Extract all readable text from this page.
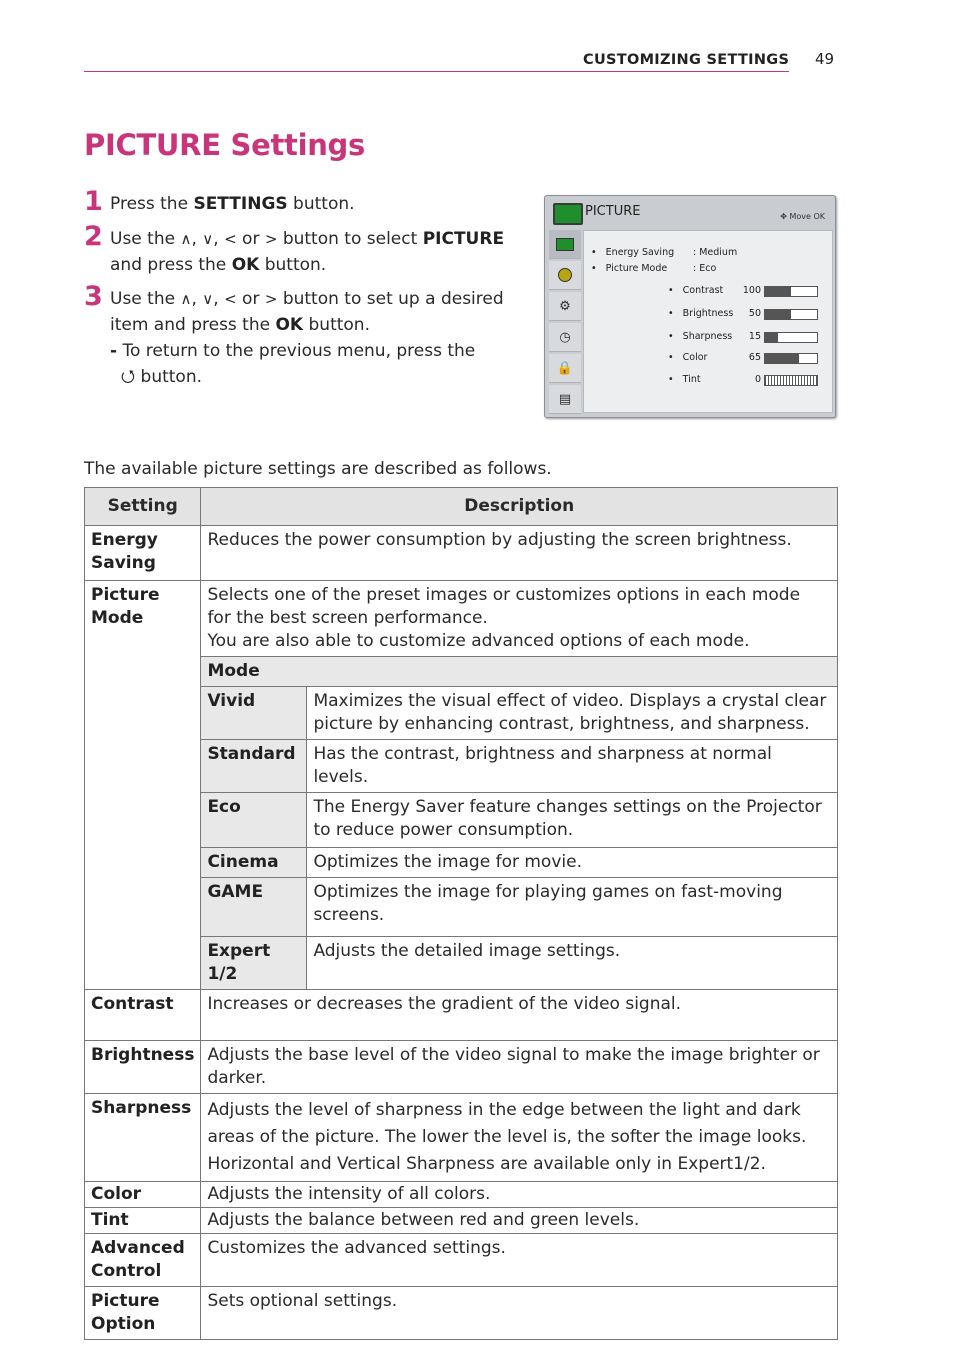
CUSTOMIZING SETTINGS 49
PICTURE Settings
1 Press the SETTINGS button.
2 Use the ∧, ∨, < or > button to select PICTURE
and press the OK button.
3 Use the ∧, ∨, < or > button to set up a desired
item and press the OK button.
- To return to the previous menu, press the
⭯ button.
PICTURE	✥ Move OK
⚙
◷
🔒
▤
•   Energy Saving : Medium
•   Picture Mode	: Eco
•   Contrast	100
•   Brightness	50
•   Sharpness	15
•   Color	65
•   Tint	0
The available picture settings are described as follows.
Setting	Description	
Energy Saving	Reduces the power consumption by adjusting the screen brightness.	
Picture Mode	Selects one of the preset images or customizes options in each mode
for the best screen performance.
You are also able to customize advanced options of each mode.	

	Mode	
	Vivid	Maximizes the visual effect of video. Displays a crystal clear picture by enhancing contrast, brightness, and sharpness.
	Standard	Has the contrast, brightness and sharpness at normal levels.
	Eco	The Energy Saver feature changes settings on the Projector to reduce power consumption.
	Cinema	Optimizes the image for movie.
	GAME	Optimizes the image for playing games on fast-moving screens.
	Expert 1/2	Adjusts the detailed image settings.
Contrast	Increases or decreases the gradient of the video signal.	
Brightness	Adjusts the base level of the video signal to make the image brighter or darker.	
Sharpness	Adjusts the level of sharpness in the edge between the light and dark areas of the picture. The lower the level is, the softer the image looks. Horizontal and Vertical Sharpness are available only in Expert1/2.	
Color	Adjusts the intensity of all colors.	
Tint	Adjusts the balance between red and green levels.	
Advanced Control	Customizes the advanced settings.	
Picture Option	Sets optional settings.	
